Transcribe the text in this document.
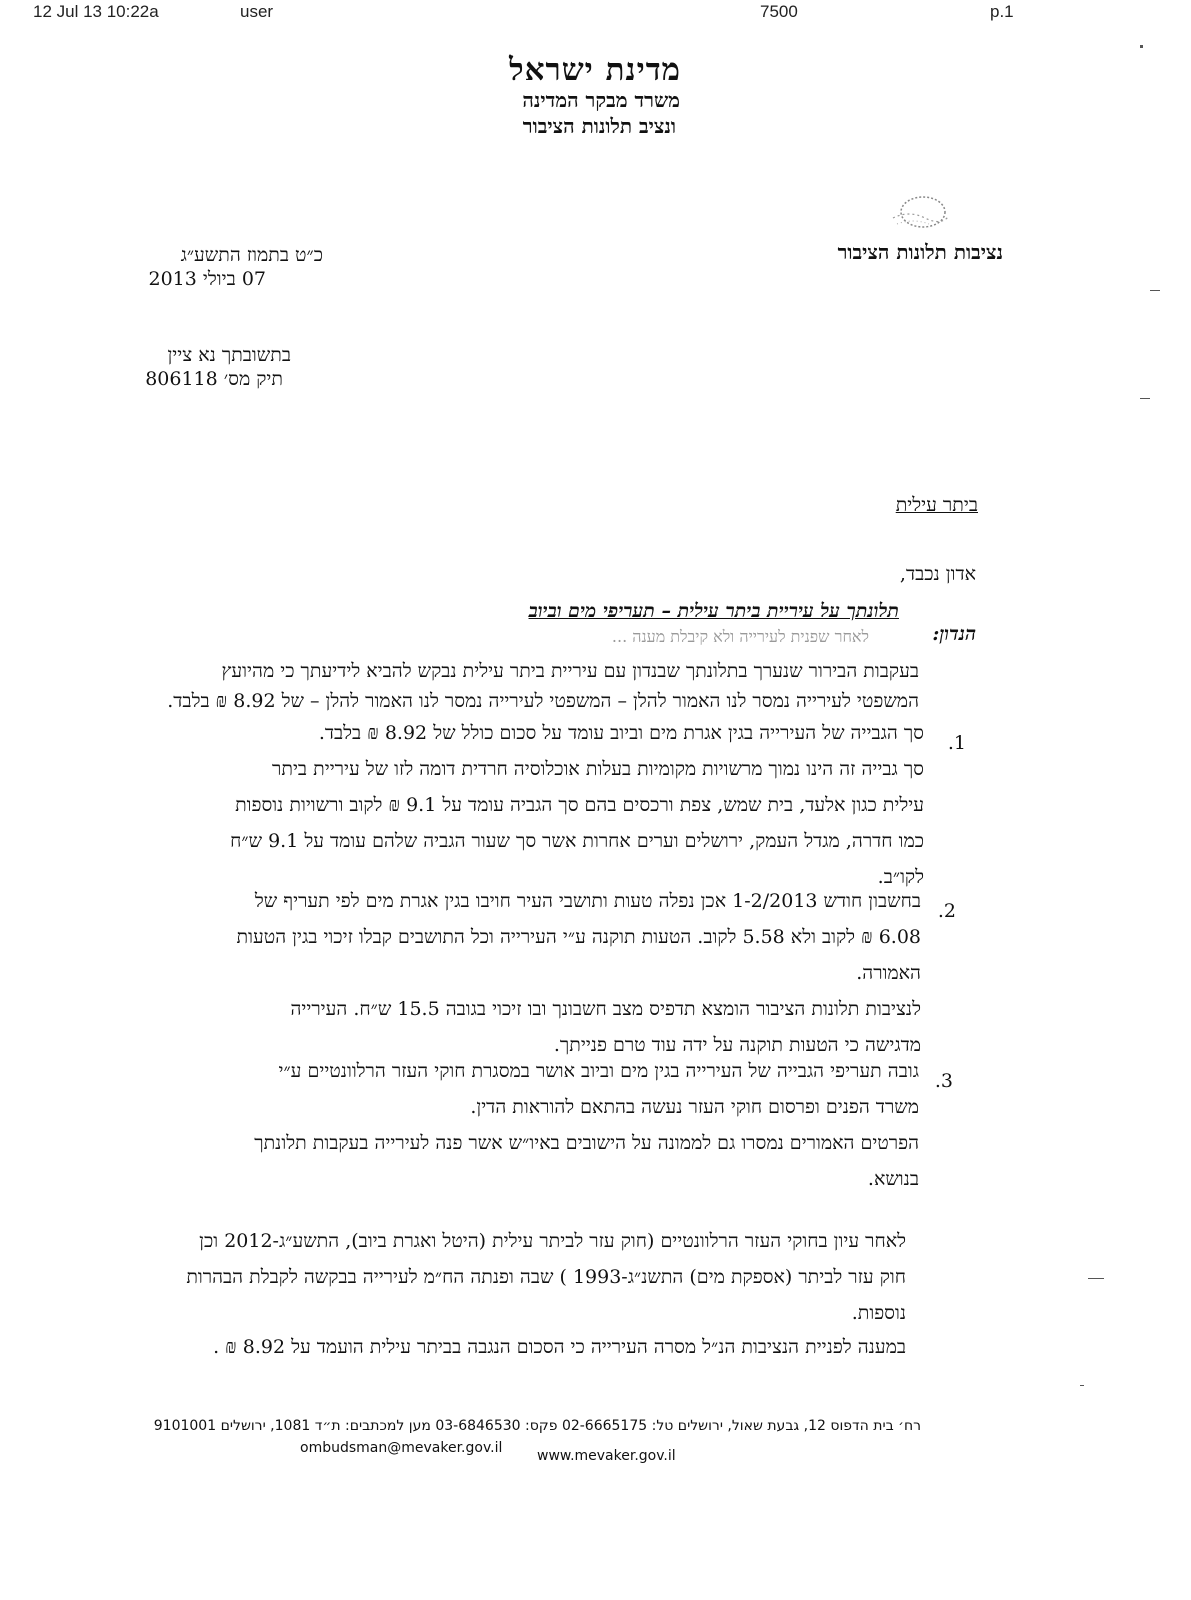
12 Jul 13 10:22a	user	7500	p.1
מדינת ישראל
משרד מבקר המדינה
ונציב תלונות הציבור
נציבות תלונות הציבור
כ״ט בתמוז התשע״ג
07 ביולי 2013
בתשובתך נא ציין
תיק מס׳ 806118
ביתר עילית
אדון נכבד,
הנדון:
תלונתך על עיריית ביתר עילית – תעריפי מים וביוב
לאחר שפנית לעירייה ולא קיבלת מענה ...
בעקבות הבירור שנערך בתלונתך שבנדון עם עיריית ביתר עילית נבקש להביא לידיעתך כי מהיועץ
המשפטי לעירייה נמסר לנו האמור להלן – המשפטי לעירייה נמסר לנו האמור להלן – של 8.92 ₪ בלבד.
.1
סך הגבייה של העירייה בגין אגרת מים וביוב עומד על סכום כולל של 8.92 ₪ בלבד.
סך גבייה זה הינו נמוך מרשויות מקומיות בעלות אוכלוסיה חרדית דומה לזו של עיריית ביתר
עילית כגון אלעד, בית שמש, צפת ורכסים בהם סך הגביה עומד על 9.1 ₪ לקוב ורשויות נוספות
כמו חדרה, מגדל העמק, ירושלים וערים אחרות אשר סך שעור הגביה שלהם עומד על 9.1 ש״ח
לקו״ב.
.2
בחשבון חודש 1-2/2013 אכן נפלה טעות ותושבי העיר חויבו בגין אגרת מים לפי תעריף של
6.08 ₪ לקוב ולא 5.58 לקוב. הטעות תוקנה ע״י העירייה וכל התושבים קבלו זיכוי בגין הטעות
האמורה.
לנציבות תלונות הציבור הומצא תדפיס מצב חשבונך ובו זיכוי בגובה 15.5 ש״ח. העירייה
מדגישה כי הטעות תוקנה על ידה עוד טרם פנייתך.
.3
גובה תעריפי הגבייה של העירייה בגין מים וביוב אושר במסגרת חוקי העזר הרלוונטיים ע״י
משרד הפנים ופרסום חוקי העזר נעשה בהתאם להוראות הדין.
הפרטים האמורים נמסרו גם לממונה על הישובים באיו״ש אשר פנה לעירייה בעקבות תלונתך
בנושא.
לאחר עיון בחוקי העזר הרלוונטיים (חוק עזר לביתר עילית (היטל ואגרת ביוב), התשע״ג-2012 וכן
חוק עזר לביתר (אספקת מים) התשנ״ג-1993 ) שבה ופנתה הח״מ לעירייה בבקשה לקבלת הבהרות
נוספות.
במענה לפניית הנציבות הנ״ל מסרה העירייה כי הסכום הנגבה בביתר עילית הועמד על 8.92 ₪ .
רח׳ בית הדפוס 12, גבעת שאול, ירושלים טל: 02-6665175 פקס: 03-6846530 מען למכתבים: ת״ד 1081, ירושלים 9101001
ombudsman@mevaker.gov.il www.mevaker.gov.il
